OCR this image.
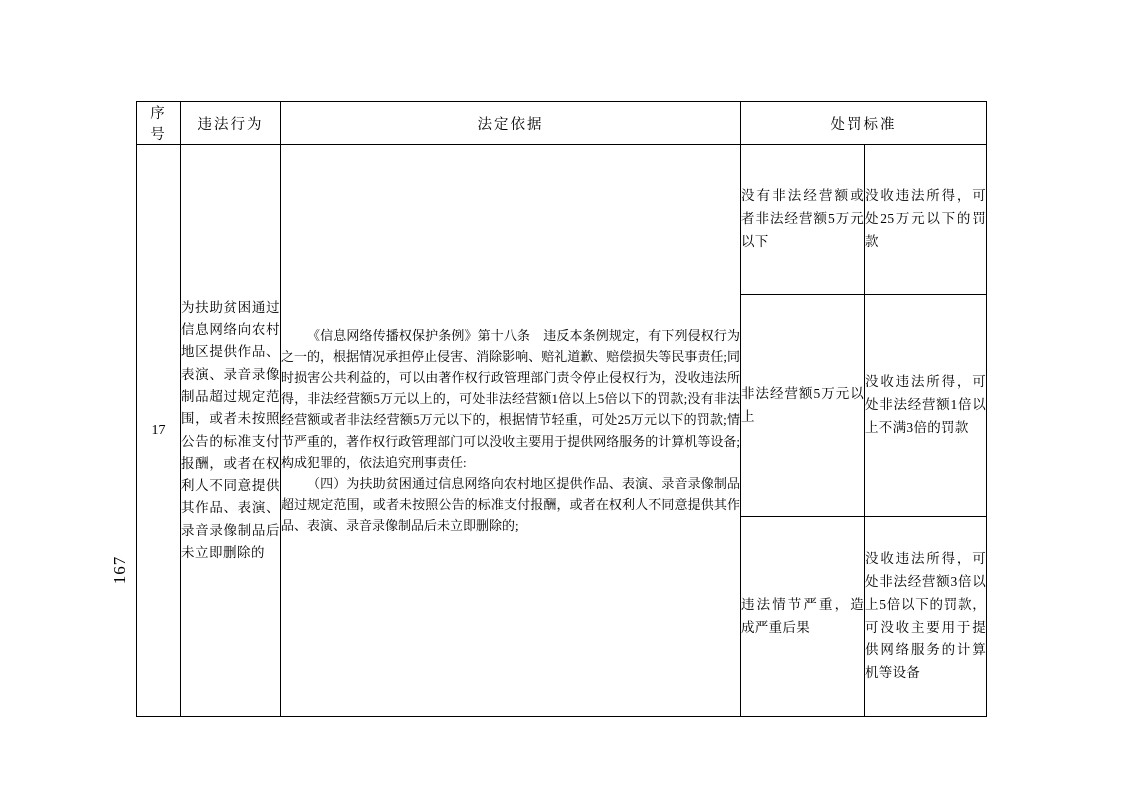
167
序　号	违法行为	法定依据	处罚标准	
17	为扶助贫困通过信息网络向农村地区提供作品、表演、录音录像制品超过规定范围，或者未按照公告的标准支付报酬，或者在权利人不同意提供其作品、表演、录音录像制品后未立即删除的	《信息网络传播权保护条例》第十八条　违反本条例规定，有下列侵权行为之一的，根据情况承担停止侵害、消除影响、赔礼道歉、赔偿损失等民事责任;同时损害公共利益的，可以由著作权行政管理部门责令停止侵权行为，没收违法所得，非法经营额5万元以上的，可处非法经营额1倍以上5倍以下的罚款;没有非法经营额或者非法经营额5万元以下的，根据情节轻重，可处25万元以下的罚款;情节严重的，著作权行政管理部门可以没收主要用于提供网络服务的计算机等设备;构成犯罪的，依法追究刑事责任:

（四）为扶助贫困通过信息网络向农村地区提供作品、表演、录音录像制品超过规定范围，或者未按照公告的标准支付报酬，或者在权利人不同意提供其作品、表演、录音录像制品后未立即删除的;	没有非法经营额或者非法经营额5万元以下	没收违法所得，可处25万元以下的罚款
			非法经营额5万元以上	没收违法所得，可处非法经营额1倍以上不满3倍的罚款
			违法情节严重，造成严重后果	没收违法所得，可处非法经营额3倍以上5倍以下的罚款，可没收主要用于提供网络服务的计算机等设备
